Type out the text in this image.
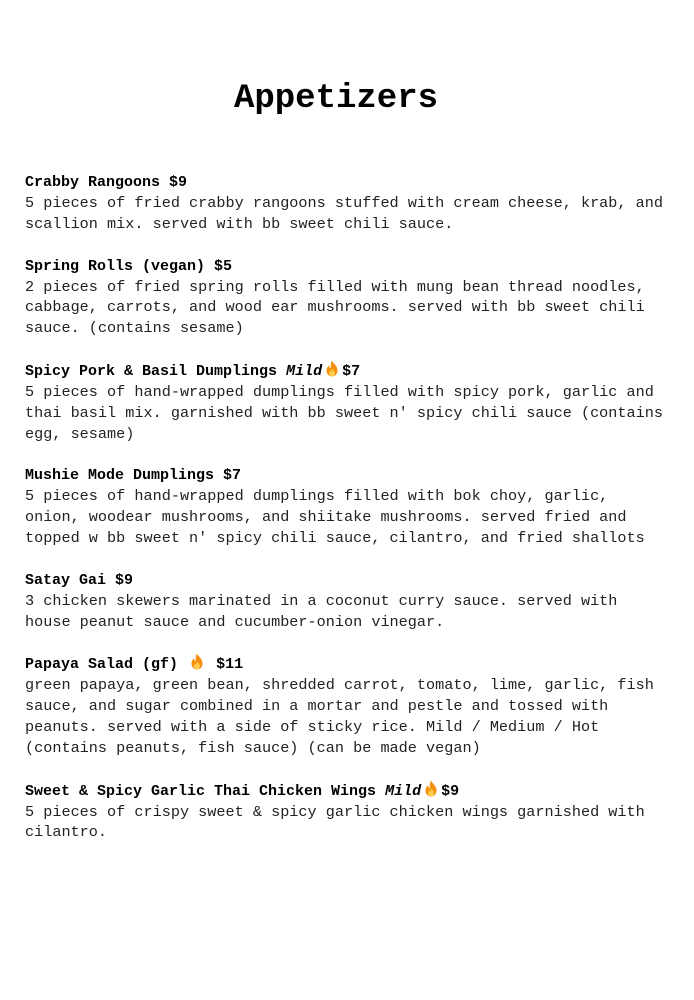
Appetizers
Crabby Rangoons $9

5 pieces of fried crabby rangoons stuffed with cream cheese, krab, and scallion mix. served with bb sweet chili sauce.

Spring Rolls (vegan) $5

2 pieces of fried spring rolls filled with mung bean thread noodles, cabbage, carrots, and wood ear mushrooms. served with bb sweet chili sauce. (contains sesame)

Spicy Pork & Basil Dumplings Mild $7

5 pieces of hand-wrapped dumplings filled with spicy pork, garlic and thai basil mix. garnished with bb sweet n' spicy chili sauce (contains egg, sesame)

Mushie Mode Dumplings $7

5 pieces of hand-wrapped dumplings filled with bok choy, garlic, onion, woodear mushrooms, and shiitake mushrooms. served fried and topped w bb sweet n' spicy chili sauce, cilantro, and fried shallots

Satay Gai $9

3 chicken skewers marinated in a coconut curry sauce. served with house peanut sauce and cucumber-onion vinegar.

Papaya Salad (gf)	$11

green papaya, green bean, shredded carrot, tomato, lime, garlic, fish sauce, and sugar combined in a mortar and pestle and tossed with peanuts. served with a side of sticky rice. Mild / Medium / Hot (contains peanuts, fish sauce) (can be made vegan)

Sweet & Spicy Garlic Thai Chicken Wings Mild $9

5 pieces of crispy sweet & spicy garlic chicken wings garnished with cilantro.
